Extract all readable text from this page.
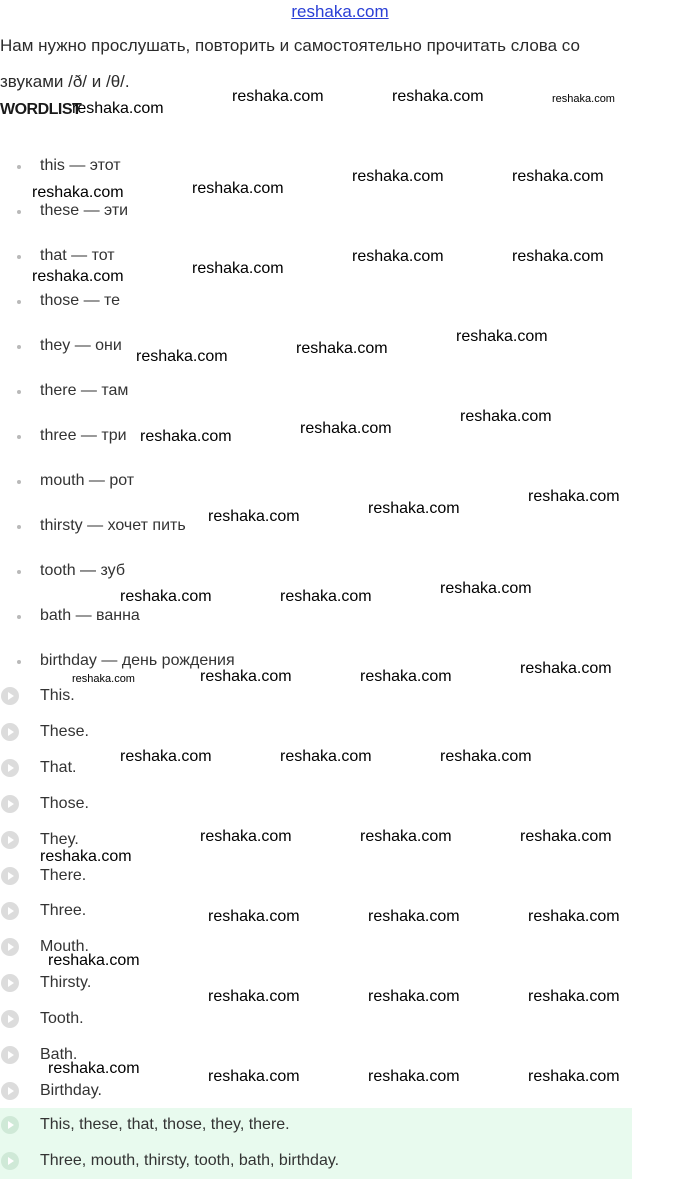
reshaka.com
Нам нужно прослушать, повторить и самостоятельно прочитать слова со
звуками /ð/ и /θ/.
WORDLIST
this — этот
these — эти
that — тот
those — те
they — они
there — там
three — три
mouth — рот
thirsty — хочет пить
tooth — зуб
bath — ванна
birthday — день рождения
This.
These.
That.
Those.
They.
There.
Three.
Mouth.
Thirsty.
Tooth.
Bath.
Birthday.
This, these, that, those, they, there.
Three, mouth, thirsty, tooth, bath, birthday.
reshaka.com
reshaka.com	reshaka.com	reshaka.com
reshaka.com	reshaka.com
reshaka.com	reshaka.com
reshaka.com	reshaka.com
reshaka.com	reshaka.com
reshaka.com	reshaka.com
reshaka.com
reshaka.com	reshaka.com
reshaka.com
reshaka.com	reshaka.com
reshaka.com
reshaka.com	reshaka.com	reshaka.com
reshaka.com	reshaka.com	reshaka.com	reshaka.com
reshaka.com	reshaka.com	reshaka.com
reshaka.com	reshaka.com	reshaka.com
reshaka.com
reshaka.com	reshaka.com	reshaka.com
reshaka.com
reshaka.com	reshaka.com	reshaka.com
reshaka.com	reshaka.com	reshaka.com	reshaka.com
